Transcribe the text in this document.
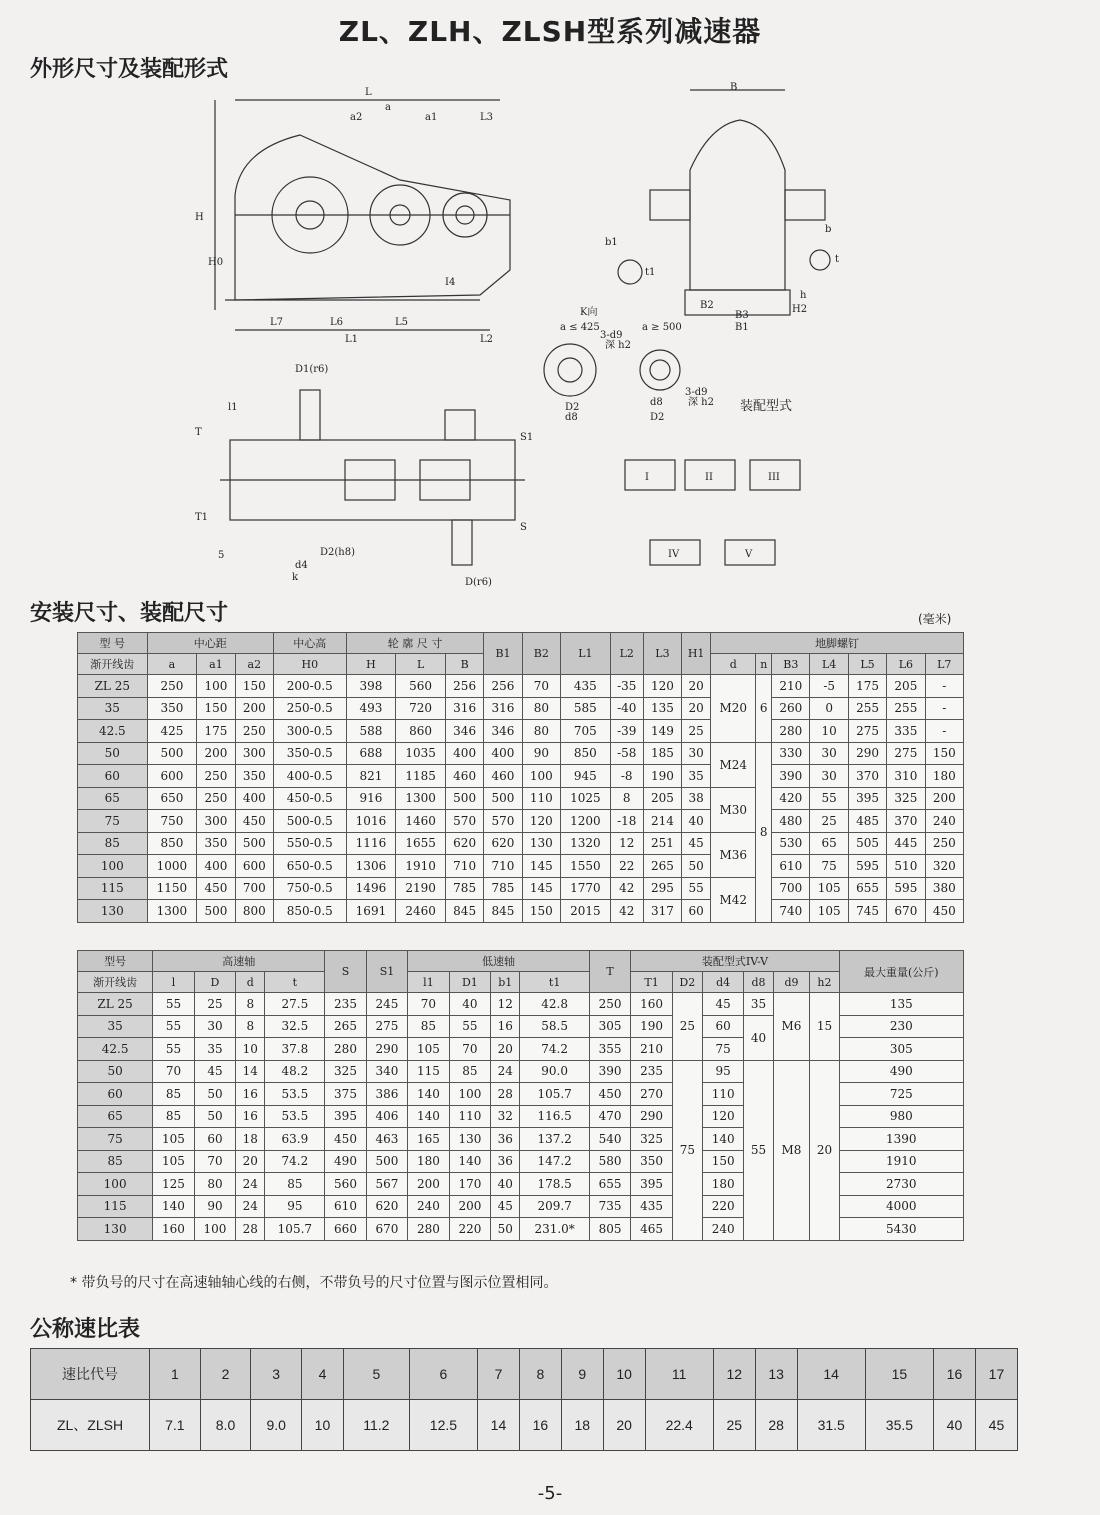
ZL、ZLH、ZLSH型系列减速器
外形尺寸及装配形式
L
a
a2	a1	L3
H
H0
L7	L6	L5
L1	L2
I4
B
b1
t1
b
t
B2
B3
B1
H2
h
K向
a ≤ 425	a ≥ 500
3-d9
深 h2
3-d9
深 h2
D2
d8
d8
D2
D1(r6)
T
l1
T1
S1
S
D2(h8)
d4
k	D(r6)
5
装配型式
I	II	III
IV	V
安装尺寸、装配尺寸	(毫米)
型 号	中心距			中心高	轮 廓 尺 寸			B1	B2	L1	L2	L3	H1	地脚螺钉						
渐开线齿	a	a1	a2	H0	H	L	B							d	n	B3	L4	L5	L6	L7
ZL 25	250	100	150	200-0.5	398	560	256	256	70	435	-35	120	20	M20	6	210	-5	175	205	-
35	350	150	200	250-0.5	493	720	316	316	80	585	-40	135	20			260	0	255	255	-
42.5	425	175	250	300-0.5	588	860	346	346	80	705	-39	149	25			280	10	275	335	-
50	500	200	300	350-0.5	688	1035	400	400	90	850	-58	185	30	M24	8	330	30	290	275	150
60	600	250	350	400-0.5	821	1185	460	460	100	945	-8	190	35			390	30	370	310	180
65	650	250	400	450-0.5	916	1300	500	500	110	1025	8	205	38	M30		420	55	395	325	200
75	750	300	450	500-0.5	1016	1460	570	570	120	1200	-18	214	40			480	25	485	370	240
85	850	350	500	550-0.5	1116	1655	620	620	130	1320	12	251	45	M36		530	65	505	445	250
100	1000	400	600	650-0.5	1306	1910	710	710	145	1550	22	265	50			610	75	595	510	320
115	1150	450	700	750-0.5	1496	2190	785	785	145	1770	42	295	55	M42		700	105	655	595	380
130	1300	500	800	850-0.5	1691	2460	845	845	150	2015	42	317	60			740	105	745	670	450
型号	高速轴				S	S1	低速轴				T	装配型式IV-V						最大重量(公斤)
渐开线齿	l	D	d	t			l1	D1	b1	t1		T1	D2	d4	d8	d9	h2	
ZL 25	55	25	8	27.5	235	245	70	40	12	42.8	250	160	25	45	35	M6	15	135
35	55	30	8	32.5	265	275	85	55	16	58.5	305	190		60	40			230
42.5	55	35	10	37.8	280	290	105	70	20	74.2	355	210		75				305
50	70	45	14	48.2	325	340	115	85	24	90.0	390	235	75	95	55	M8	20	490
60	85	50	16	53.5	375	386	140	100	28	105.7	450	270		110				725
65	85	50	16	53.5	395	406	140	110	32	116.5	470	290		120				980
75	105	60	18	63.9	450	463	165	130	36	137.2	540	325		140				1390
85	105	70	20	74.2	490	500	180	140	36	147.2	580	350		150				1910
100	125	80	24	85	560	567	200	170	40	178.5	655	395		180				2730
115	140	90	24	95	610	620	240	200	45	209.7	735	435		220				4000
130	160	100	28	105.7	660	670	280	220	50	231.0*	805	465		240				5430
* 带负号的尺寸在高速轴轴心线的右侧，不带负号的尺寸位置与图示位置相同。
公称速比表
速比代号	1	2	3	4	5	6	7	8	9	10	11	12	13	14	15	16	17
ZL、ZLSH	7.1	8.0	9.0	10	11.2	12.5	14	16	18	20	22.4	25	28	31.5	35.5	40	45
-5-
